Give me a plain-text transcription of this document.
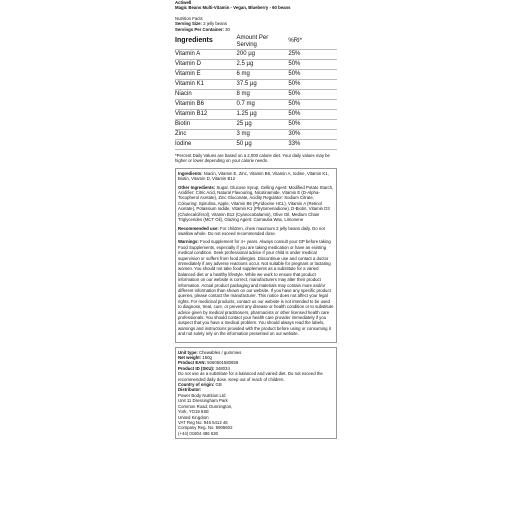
Actiwell
Magic Beans Multi-Vitamin - Vegan, Blueberry - 60 beans
Nutrition Facts
Serving Size: 2 jelly beans
Servings Per Container: 30
Ingredients	Amount Per Serving	%RI*
Vitamin A	200 µg	25%
Vitamin D	2.5 µg	50%
Vitamin E	6 mg	50%
Vitamin K1	37.5 µg	50%
Niacin	8 mg	50%
Vitamin B6	0.7 mg	50%
Vitamin B12	1.25 µg	50%
Biotin	25 µg	50%
Zinc	3 mg	30%
Iodine	50 µg	33%
*Percent Daily Values are based on a 2,000 calorie diet. Your daily values may be higher or lower depending on your calorie needs.
Ingredients: Niacin, Vitamin E, Zinc, Vitamin B6, Vitamin A, Iodine, Vitamin K1, Biotin, Vitamin D, Vitamin B12
Other Ingredients: Sugar, Glucose Syrup, Gelling Agent: Modified Potato Starch, Acidifier: Citric Acid, Natural Flavouring, Nicotinamide, Vitamin E (D-Alpha-Tocopherol Acetate), Zinc Gluconate, Acidity Regulator: Sodium Citrate, Colouring: Spirulina, Apple, Vitamin B6 (Pyridoxine HCL), Vitamin A (Retinol Acetate), Potassium Iodide, Vitamin K1 (Phytomenadione), D-Biotin, Vitamin D3 (Cholecalciferol), Vitamin B12 (Cyanocobalamin), Olive Oil, Medium Chain Triglycerides (MCT Oil), Glazing Agent: Carnauba Wax, Limonene
Recommended use: For children, chew maximum 2 jelly beans daily. Do not swallow whole. Do not exceed recommended dose.
Warnings: Food supplement for 4+ years. Always consult your GP before taking Food Supplements, especially if you are taking medication or have an existing medical condition. Seek professional advice if your child is under medical supervision or suffers from food allergies. Discontinue use and contact a doctor immediately if any adverse reactions occur. Not suitable for pregnant or lactating women. You should not take food supplements as a substitute for a varied balanced diet or a healthy lifestyle. While we work to ensure that product information on our website is correct, manufacturers may alter their product information. Actual product packaging and materials may contain more and/or different information than shown on our website. If you have any specific product queries, please contact the manufacturer. This notice does not affect your legal rights. For medicinal products, contact us our website is not intended to be used to diagnose, treat, cure, or prevent any disease or health condition or to substitute advice given by medical practitioners, pharmacists or other licensed health care professionals. You should contact your health care provider immediately if you suspect that you have a medical problem. You should always read the labels, warnings and instructions provided with the product before using or consuming it and not solely rely on the information presented on our website.
Unit type: Chewables / gummies
Net weight: 150g
Product EAN: 5060501580658
Product ID (SKU): 348034
Do not use as a substitute for a balanced and varied diet. Do not exceed the recommended daily dose. Keep out of reach of children.
Country of origin: GB
Distributor:
Power Body Nutrition Ltd
Unit 11 Dressingham Park
Common Road, Dunnington,
York, YO19 5SE
United Kingdom
VAT Reg No: 946 5412 46
Company Reg. No. 5905602
(+44) 01904 486 530
